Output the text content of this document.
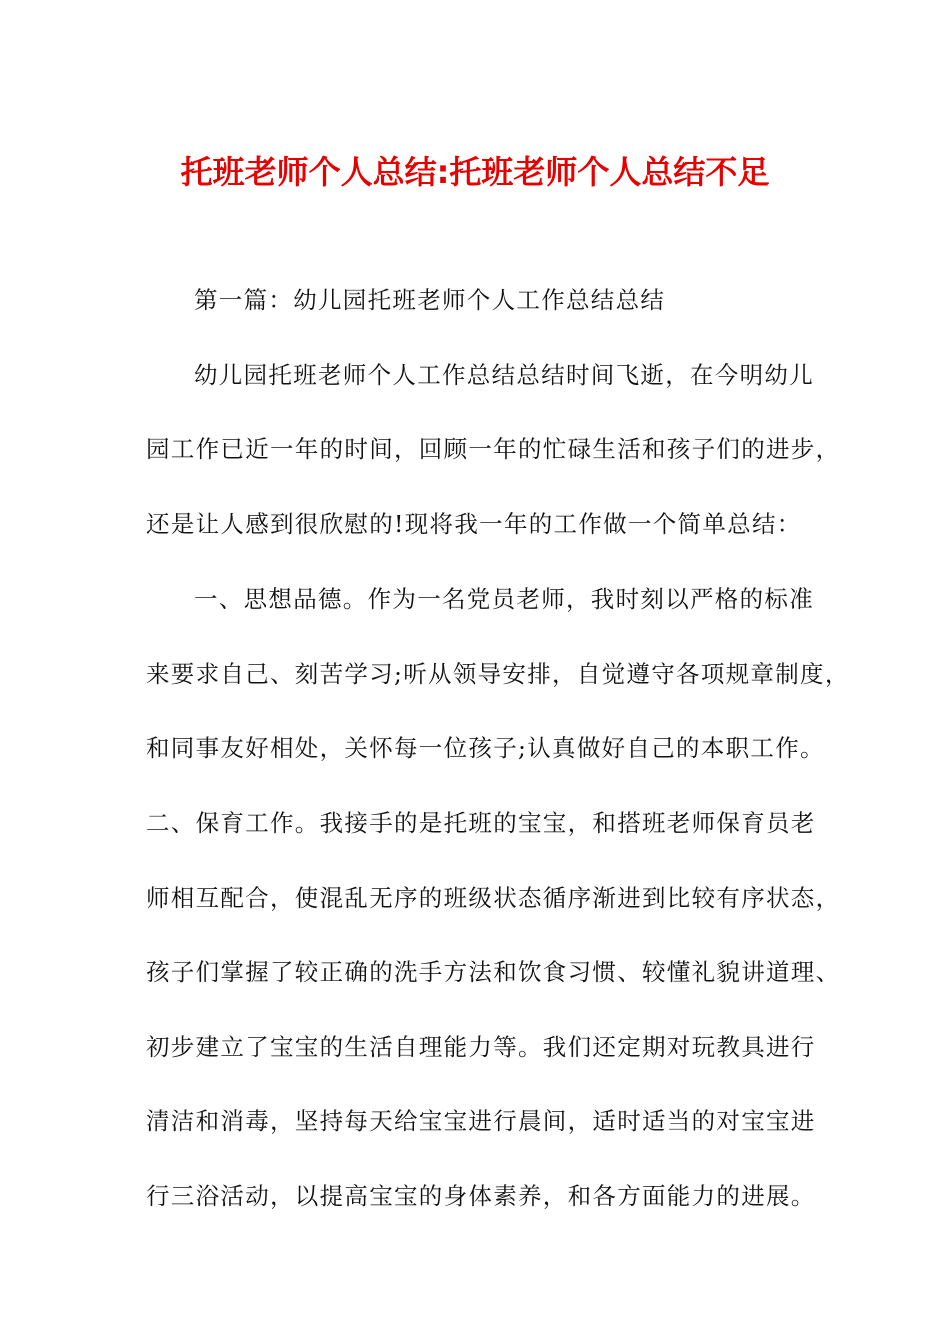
托班老师个人总结:托班老师个人总结不足
第一篇：幼儿园托班老师个人工作总结总结
幼儿园托班老师个人工作总结总结时间飞逝，在今明幼儿
园工作已近一年的时间，回顾一年的忙碌生活和孩子们的进步，
还是让人感到很欣慰的!现将我一年的工作做一个简单总结：
一、思想品德。作为一名党员老师，我时刻以严格的标准
来要求自己、刻苦学习;听从领导安排，自觉遵守各项规章制度，
和同事友好相处，关怀每一位孩子;认真做好自己的本职工作。
二、保育工作。我接手的是托班的宝宝，和搭班老师保育员老
师相互配合，使混乱无序的班级状态循序渐进到比较有序状态，
孩子们掌握了较正确的洗手方法和饮食习惯、较懂礼貌讲道理、
初步建立了宝宝的生活自理能力等。我们还定期对玩教具进行
清洁和消毒，坚持每天给宝宝进行晨间，适时适当的对宝宝进
行三浴活动，以提高宝宝的身体素养，和各方面能力的进展。
